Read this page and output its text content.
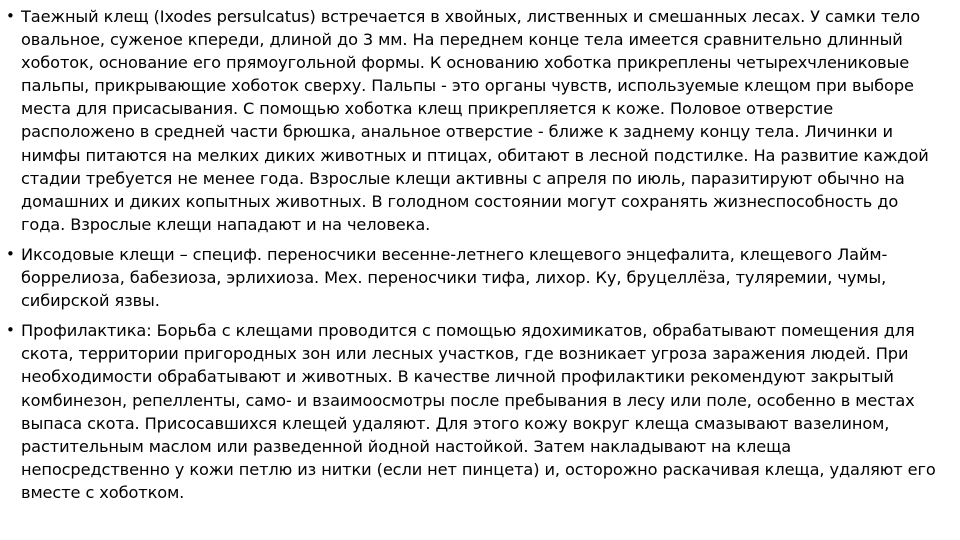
• Таежный клещ (Ixodes persulcatus) встречается в хвойных, лиственных и смешанных лесах. У самки тело овальное, суженое кпереди, длиной до 3 мм. На переднем конце тела имеется сравнительно длинный хоботок, основание его прямоугольной формы. К основанию хоботка прикреплены четырехчлениковые пальпы, прикрывающие хоботок сверху. Пальпы - это органы чувств, используемые клещом при выборе места для присасывания. С помощью хоботка клещ прикрепляется к коже. Половое отверстие расположено в средней части брюшка, анальное отверстие - ближе к заднему концу тела. Личинки и нимфы питаются на мелких диких животных и птицах, обитают в лесной подстилке. На развитие каждой стадии требуется не менее года. Взрослые клещи активны с апреля по июль, паразитируют обычно на домашних и диких копытных животных. В голодном состоянии могут сохранять жизнеспособность до года. Взрослые клещи нападают и на человека.
• Иксодовые клещи – специф. переносчики весенне-летнего клещевого энцефалита, клещевого Лайм-боррелиоза, бабезиоза, эрлихиоза. Мех. переносчики тифа, лихор. Ку, бруцеллёза, туляремии, чумы, сибирской язвы.
• Профилактика: Борьба с клещами проводится с помощью ядохимикатов, обрабатывают помещения для скота, территории пригородных зон или лесных участков, где возникает угроза заражения людей. При необходимости обрабатывают и животных. В качестве личной профилактики рекомендуют закрытый комбинезон, репелленты, само- и взаимоосмотры после пребывания в лесу или поле, особенно в местах выпаса скота. Присосавшихся клещей удаляют. Для этого кожу вокруг клеща смазывают вазелином, растительным маслом или разведенной йодной настойкой. Затем накладывают на клеща непосредственно у кожи петлю из нитки (если нет пинцета) и, осторожно раскачивая клеща, удаляют его вместе с хоботком.
